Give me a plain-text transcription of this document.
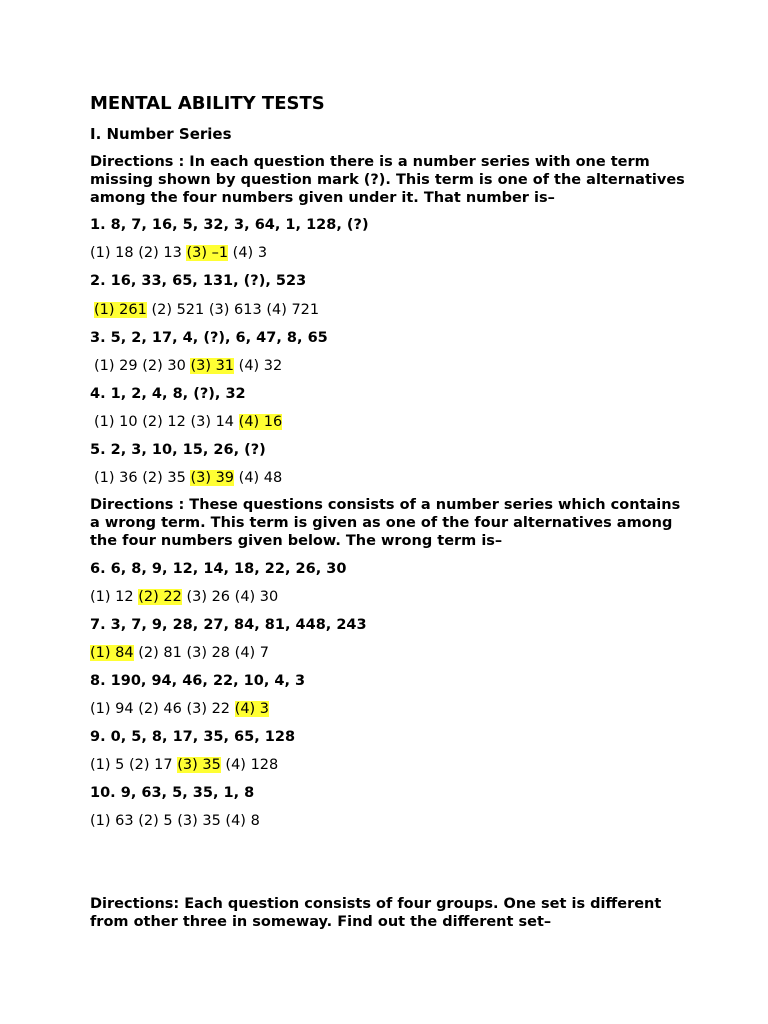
MENTAL ABILITY TESTS
I. Number Series

Directions : In each question there is a number series with one term missing shown by question mark (?). This term is one of the alternatives among the four numbers given under it. That number is–

1. 8, 7, 16, 5, 32, 3, 64, 1, 128, (?)
(1) 18 (2) 13 (3) –1 (4) 3
2. 16, 33, 65, 131, (?), 523
(1) 261 (2) 521 (3) 613 (4) 721
3. 5, 2, 17, 4, (?), 6, 47, 8, 65
(1) 29 (2) 30 (3) 31 (4) 32
4. 1, 2, 4, 8, (?), 32
(1) 10 (2) 12 (3) 14 (4) 16
5. 2, 3, 10, 15, 26, (?)
(1) 36 (2) 35 (3) 39 (4) 48

Directions : These questions consists of a number series which contains a wrong term. This term is given as one of the four alternatives among the four numbers given below. The wrong term is–

6. 6, 8, 9, 12, 14, 18, 22, 26, 30
(1) 12 (2) 22 (3) 26 (4) 30
7. 3, 7, 9, 28, 27, 84, 81, 448, 243
(1) 84 (2) 81 (3) 28 (4) 7
8. 190, 94, 46, 22, 10, 4, 3
(1) 94 (2) 46 (3) 22 (4) 3
9. 0, 5, 8, 17, 35, 65, 128
(1) 5 (2) 17 (3) 35 (4) 128
10. 9, 63, 5, 35, 1, 8
(1) 63 (2) 5 (3) 35 (4) 8

Directions: Each question consists of four groups. One set is different from other three in someway. Find out the different set–
